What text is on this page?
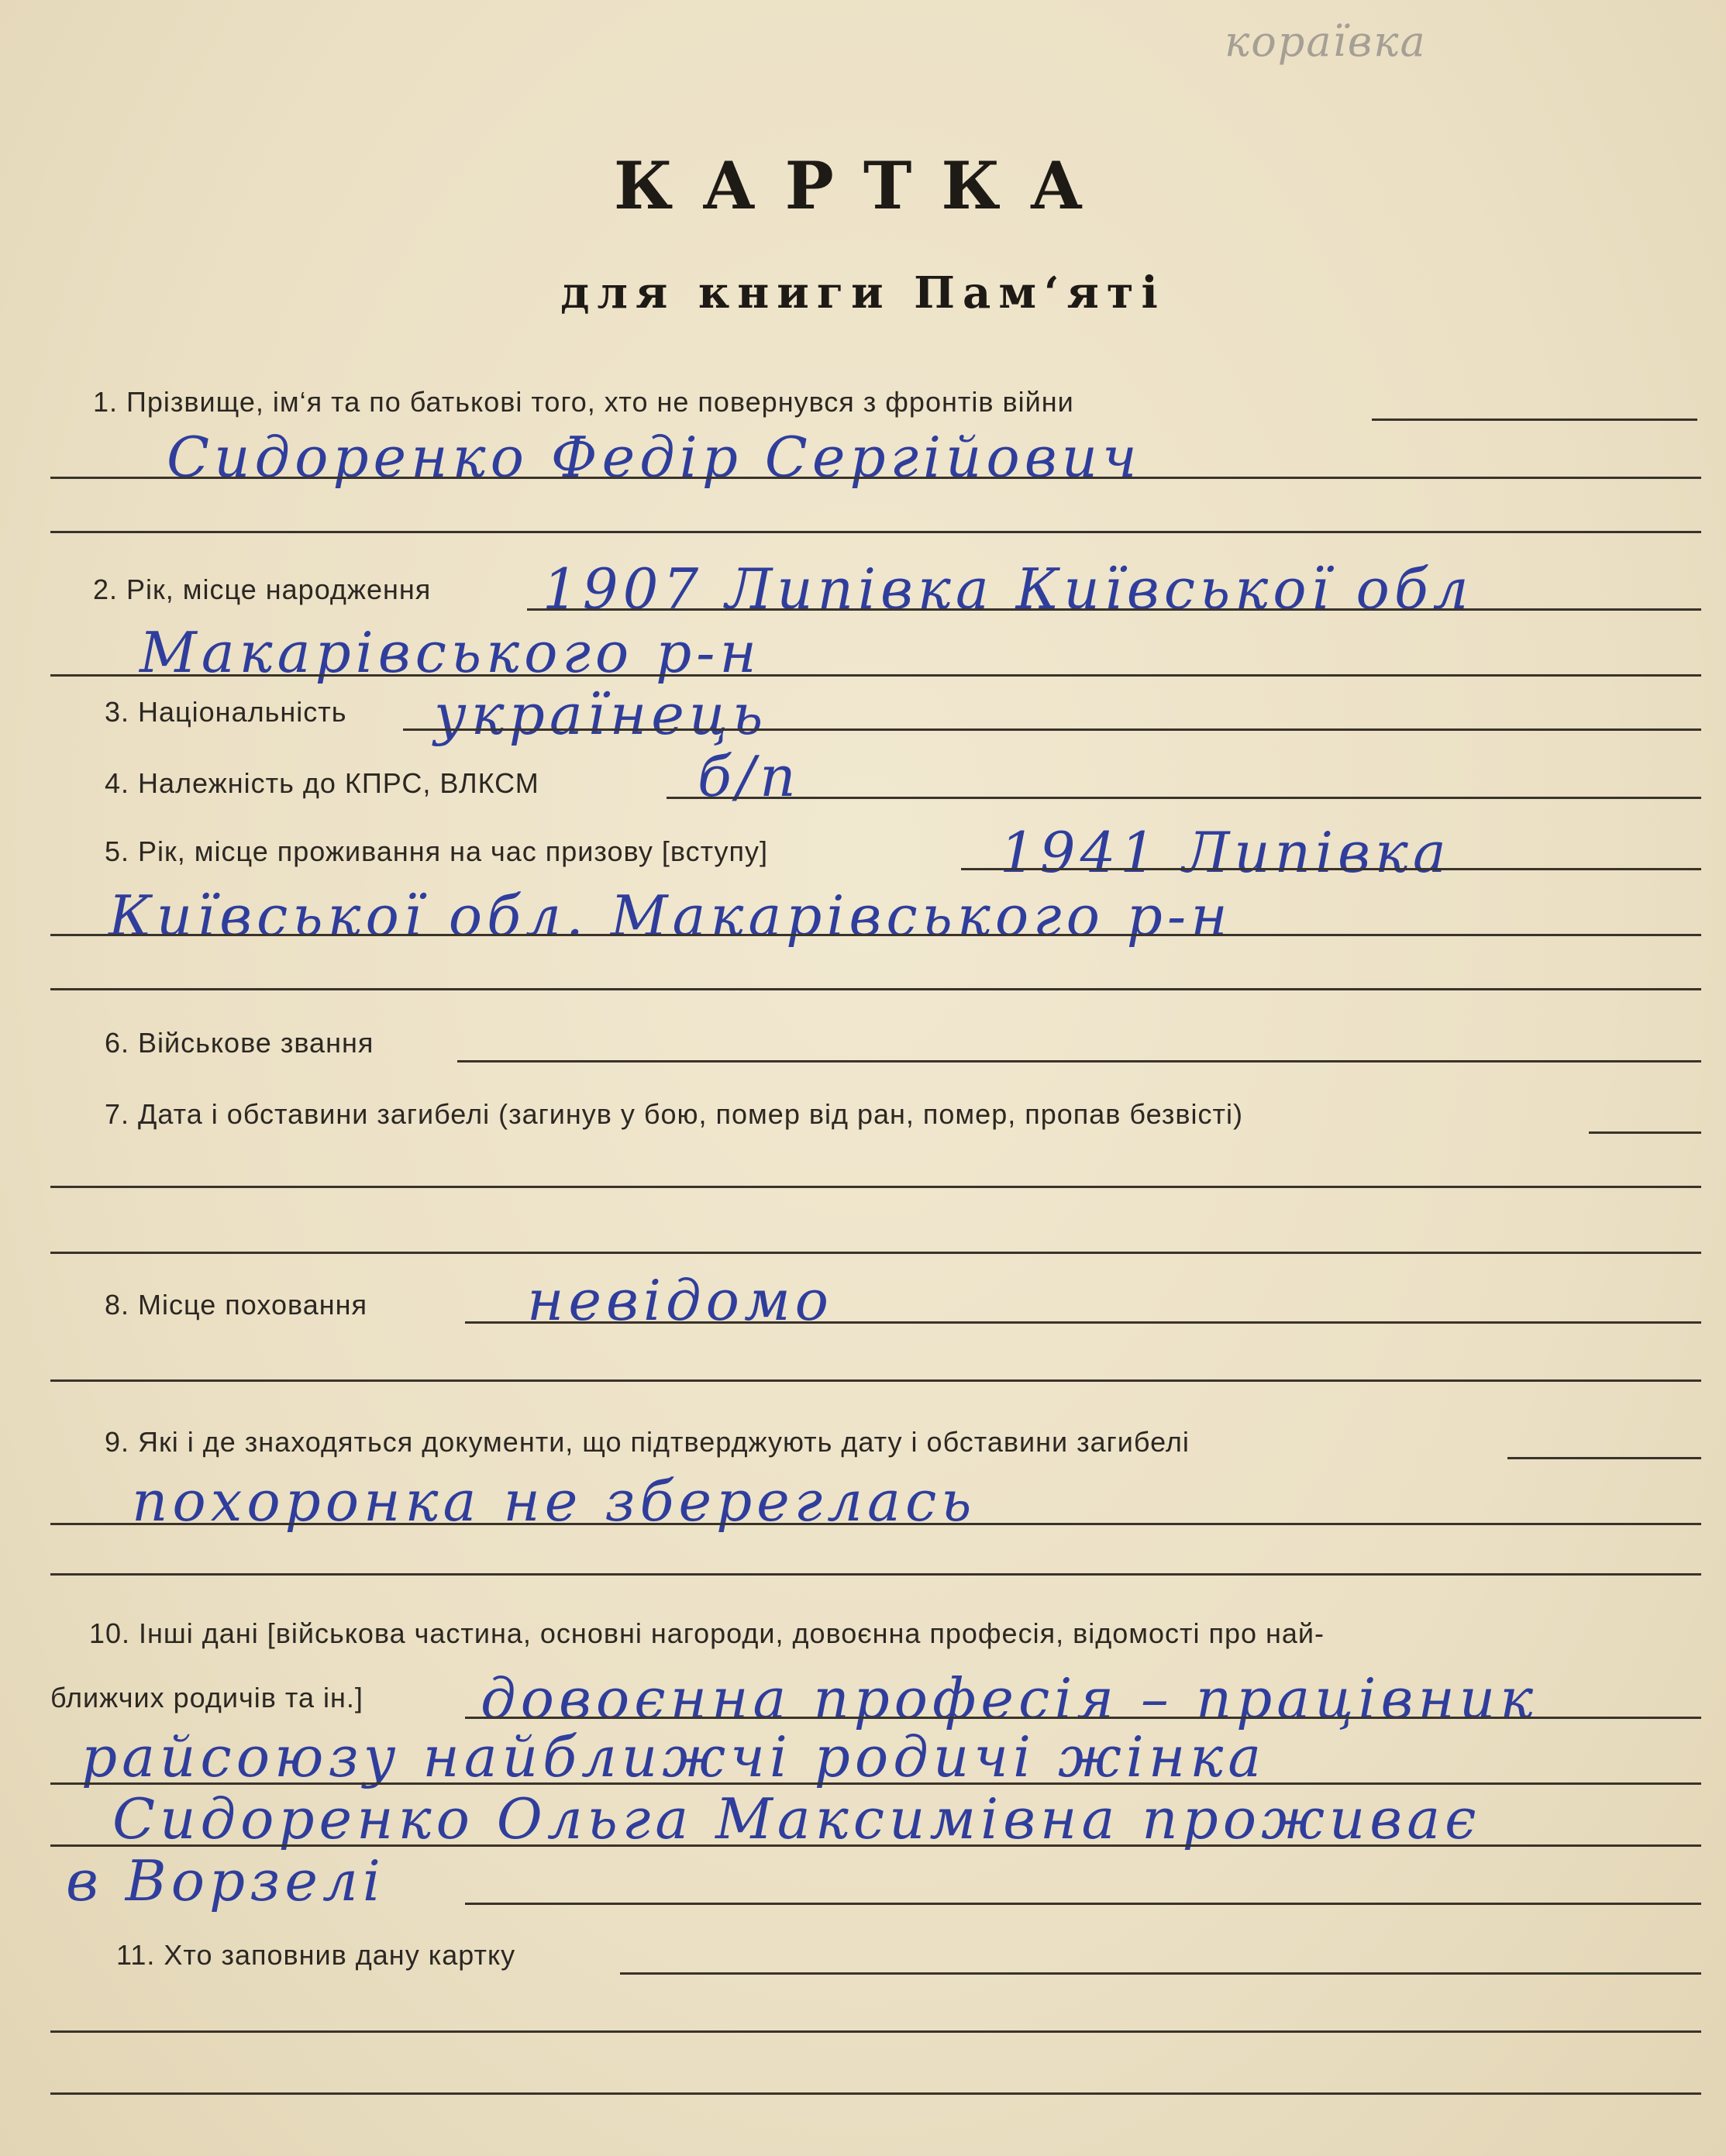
кораївка
КАРТКА
для книги Пам‘яті
1. Прізвище, ім‘я та по батькові того, хто не повернувся з фронтів війни
Сидоренко Федір Сергійович
2. Рік, місце народження 1907 Липівка Київської обл
Макарівського р-н
3. Національність українець
4. Належність до КПРС, ВЛКСМ	б/п
5. Рік, місце проживання на час призову [вступу]	1941 Липівка
Київської обл. Макарівського р-н
6. Військове звання
7. Дата і обставини загибелі (загинув у бою, помер від ран, помер, пропав безвісті)
8. Місце поховання	невідомо
9. Які і де знаходяться документи, що підтверджують дату і обставини загибелі
похоронка не збереглась
10. Інші дані [військова частина, основні нагороди, довоєнна професія, відомості про най-
ближчих родичів та ін.] довоєнна професія – працівник
райсоюзу найближчі родичі жінка
Сидоренко Ольга Максимівна проживає
в Ворзелі
11. Хто заповнив дану картку
